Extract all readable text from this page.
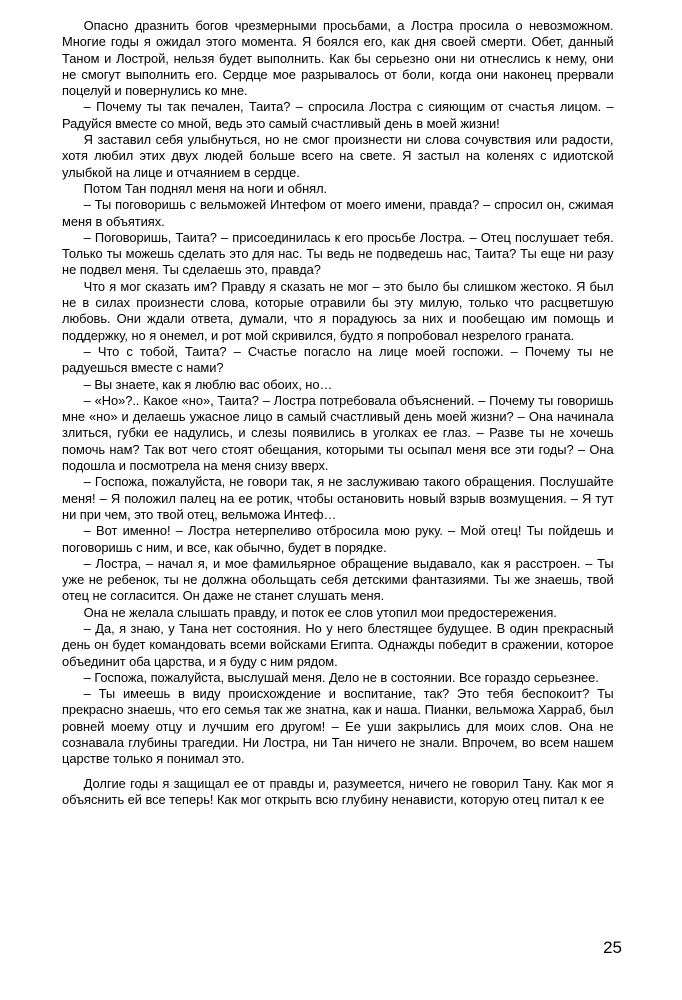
Опасно дразнить богов чрезмерными просьбами, а Лостра просила о невозможном. Многие годы я ожидал этого момента. Я боялся его, как дня своей смерти. Обет, данный Таном и Лострой, нельзя будет выполнить. Как бы серьезно они ни отнеслись к нему, они не смогут выполнить его. Сердце мое разрывалось от боли, когда они наконец прервали поцелуй и повернулись ко мне.

– Почему ты так печален, Таита? – спросила Лостра с сияющим от счастья лицом. – Радуйся вместе со мной, ведь это самый счастливый день в моей жизни!

Я заставил себя улыбнуться, но не смог произнести ни слова сочувствия или радости, хотя любил этих двух людей больше всего на свете. Я застыл на коленях с идиотской улыбкой на лице и отчаянием в сердце.

Потом Тан поднял меня на ноги и обнял.

– Ты поговоришь с вельможей Интефом от моего имени, правда? – спросил он, сжимая меня в объятиях.

– Поговоришь, Таита? – присоединилась к его просьбе Лостра. – Отец послушает тебя. Только ты можешь сделать это для нас. Ты ведь не подведешь нас, Таита? Ты еще ни разу не подвел меня. Ты сделаешь это, правда?

Что я мог сказать им? Правду я сказать не мог – это было бы слишком жестоко. Я был не в силах произнести слова, которые отравили бы эту милую, только что расцветшую любовь. Они ждали ответа, думали, что я порадуюсь за них и пообещаю им помощь и поддержку, но я онемел, и рот мой скривился, будто я попробовал незрелого граната.

– Что с тобой, Таита? – Счастье погасло на лице моей госпожи. – Почему ты не радуешься вместе с нами?

– Вы знаете, как я люблю вас обоих, но…

– «Но»?.. Какое «но», Таита? – Лостра потребовала объяснений. – Почему ты говоришь мне «но» и делаешь ужасное лицо в самый счастливый день моей жизни? – Она начинала злиться, губки ее надулись, и слезы появились в уголках ее глаз. – Разве ты не хочешь помочь нам? Так вот чего стоят обещания, которыми ты осыпал меня все эти годы? – Она подошла и посмотрела на меня снизу вверх.

– Госпожа, пожалуйста, не говори так, я не заслуживаю такого обращения. Послушайте меня! – Я положил палец на ее ротик, чтобы остановить новый взрыв возмущения. – Я тут ни при чем, это твой отец, вельможа Интеф…

– Вот именно! – Лостра нетерпеливо отбросила мою руку. – Мой отец! Ты пойдешь и поговоришь с ним, и все, как обычно, будет в порядке.

– Лостра, – начал я, и мое фамильярное обращение выдавало, как я расстроен. – Ты уже не ребенок, ты не должна обольщать себя детскими фантазиями. Ты же знаешь, твой отец не согласится. Он даже не станет слушать меня.

Она не желала слышать правду, и поток ее слов утопил мои предостережения.

– Да, я знаю, у Тана нет состояния. Но у него блестящее будущее. В один прекрасный день он будет командовать всеми войсками Египта. Однажды победит в сражении, которое объединит оба царства, и я буду с ним рядом.

– Госпожа, пожалуйста, выслушай меня. Дело не в состоянии. Все гораздо серьезнее.

– Ты имеешь в виду происхождение и воспитание, так? Это тебя беспокоит? Ты прекрасно знаешь, что его семья так же знатна, как и наша. Пианки, вельможа Харраб, был ровней моему отцу и лучшим его другом! – Ее уши закрылись для моих слов. Она не сознавала глубины трагедии. Ни Лостра, ни Тан ничего не знали. Впрочем, во всем нашем царстве только я понимал это.

Долгие годы я защищал ее от правды и, разумеется, ничего не говорил Тану. Как мог я объяснить ей все теперь! Как мог открыть всю глубину ненависти, которую отец питал к ее

25
